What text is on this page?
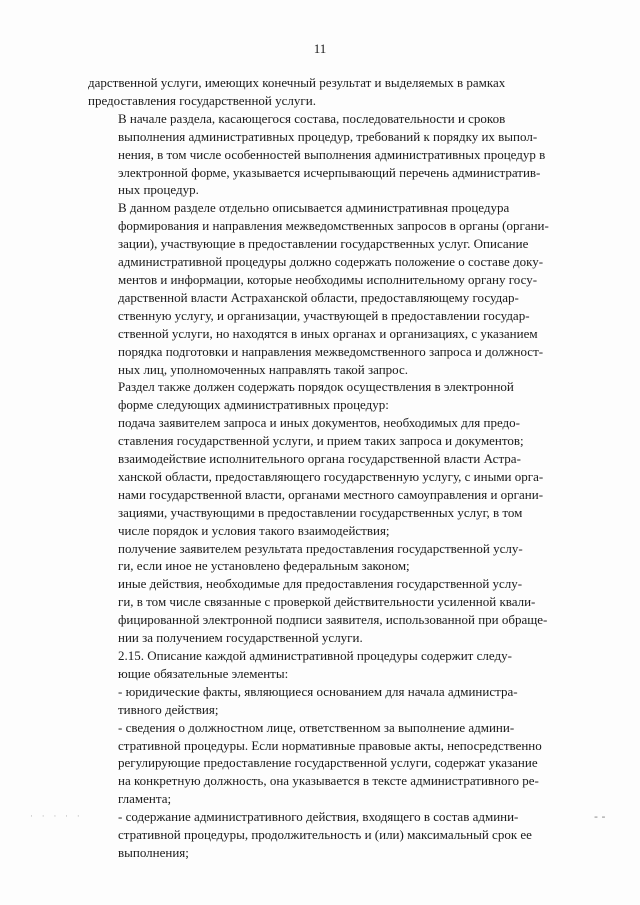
11

дарственной услуги, имеющих конечный результат и выделяемых в рамках
предоставления государственной услуги.

В начале раздела, касающегося состава, последовательности и сроков
выполнения административных процедур, требований к порядку их выпол-
нения, в том числе особенностей выполнения административных процедур в
электронной форме, указывается исчерпывающий перечень административ-
ных процедур.

В данном разделе отдельно описывается административная процедура
формирования и направления межведомственных запросов в органы (органи-
зации), участвующие в предоставлении государственных услуг. Описание
административной процедуры должно содержать положение о составе доку-
ментов и информации, которые необходимы исполнительному органу госу-
дарственной власти Астраханской области, предоставляющему государ-
ственную услугу, и организации, участвующей в предоставлении государ-
ственной услуги, но находятся в иных органах и организациях, с указанием
порядка подготовки и направления межведомственного запроса и должност-
ных лиц, уполномоченных направлять такой запрос.

Раздел также должен содержать порядок осуществления в электронной
форме следующих административных процедур:

подача заявителем запроса и иных документов, необходимых для предо-
ставления государственной услуги, и прием таких запроса и документов;

взаимодействие исполнительного органа государственной власти Астра-
ханской области, предоставляющего государственную услугу, с иными орга-
нами государственной власти, органами местного самоуправления и органи-
зациями, участвующими в предоставлении государственных услуг, в том
числе порядок и условия такого взаимодействия;

получение заявителем результата предоставления государственной услу-
ги, если иное не установлено федеральным законом;

иные действия, необходимые для предоставления государственной услу-
ги, в том числе связанные с проверкой действительности усиленной квали-
фицированной электронной подписи заявителя, использованной при обраще-
нии за получением государственной услуги.

2.15. Описание каждой административной процедуры содержит следу-
ющие обязательные элементы:

- юридические факты, являющиеся основанием для начала администра-
тивного действия;

- сведения о должностном лице, ответственном за выполнение админи-
стративной процедуры. Если нормативные правовые акты, непосредственно
регулирующие предоставление государственной услуги, содержат указание
на конкретную должность, она указывается в тексте административного ре-
гламента;

- содержание административного действия, входящего в состав админи-
стративной процедуры, продолжительность и (или) максимальный срок ее
выполнения;

· · · · ·	- -
